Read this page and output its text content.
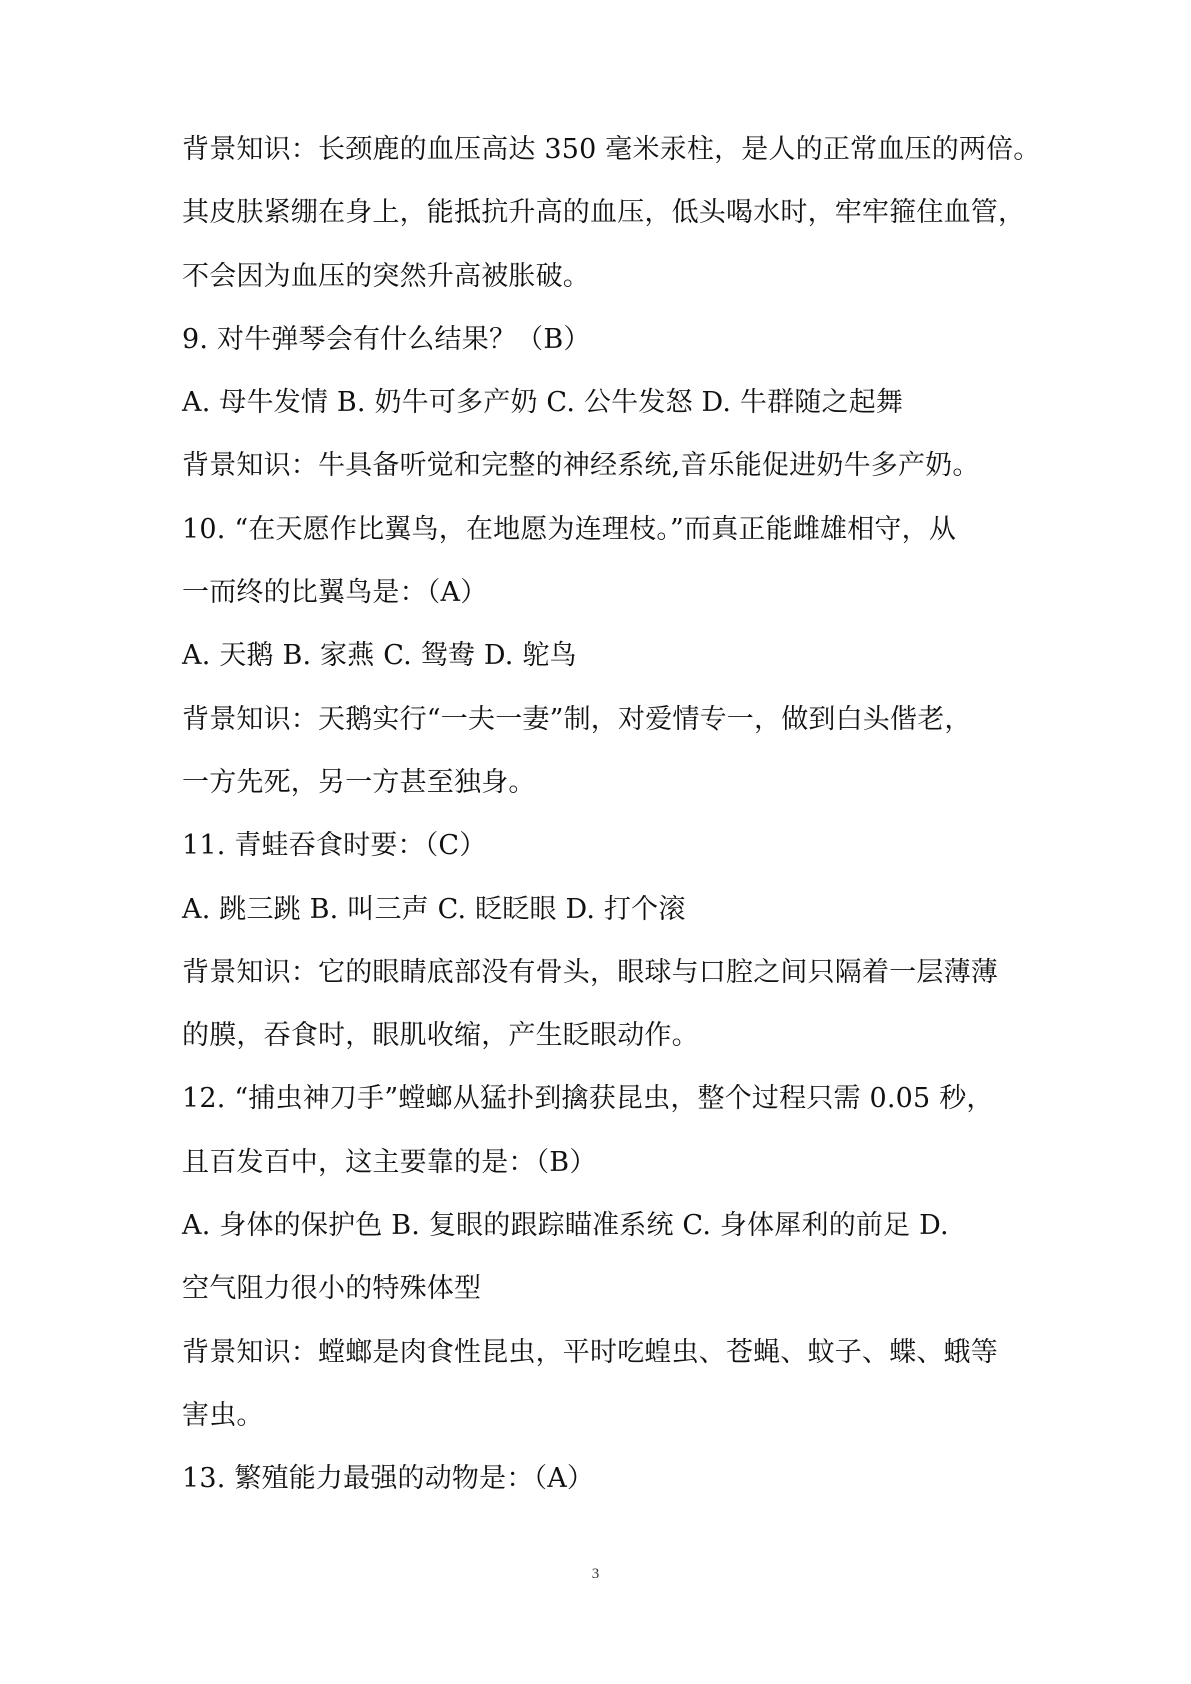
背景知识：长颈鹿的血压高达 350 毫米汞柱，是人的正常血压的两倍。
其皮肤紧绷在身上，能抵抗升高的血压，低头喝水时，牢牢箍住血管，
不会因为血压的突然升高被胀破。
9. 对牛弹琴会有什么结果？（B）
A. 母牛发情 B. 奶牛可多产奶 C. 公牛发怒 D. 牛群随之起舞
背景知识：牛具备听觉和完整的神经系统,音乐能促进奶牛多产奶。
10. “在天愿作比翼鸟，在地愿为连理枝。”而真正能雌雄相守，从
一而终的比翼鸟是：（A）
A. 天鹅 B. 家燕 C. 鸳鸯 D. 鸵鸟
背景知识：天鹅实行“一夫一妻”制，对爱情专一，做到白头偕老，
一方先死，另一方甚至独身。
11. 青蛙吞食时要：（C）
A. 跳三跳 B. 叫三声 C. 眨眨眼 D. 打个滚
背景知识：它的眼睛底部没有骨头，眼球与口腔之间只隔着一层薄薄
的膜，吞食时，眼肌收缩，产生眨眼动作。
12. “捕虫神刀手”螳螂从猛扑到擒获昆虫，整个过程只需 0.05 秒，
且百发百中，这主要靠的是：（B）
A. 身体的保护色 B. 复眼的跟踪瞄准系统 C. 身体犀利的前足 D.
空气阻力很小的特殊体型
背景知识：螳螂是肉食性昆虫，平时吃蝗虫、苍蝇、蚊子、蝶、蛾等
害虫。
13. 繁殖能力最强的动物是：（A）
3
